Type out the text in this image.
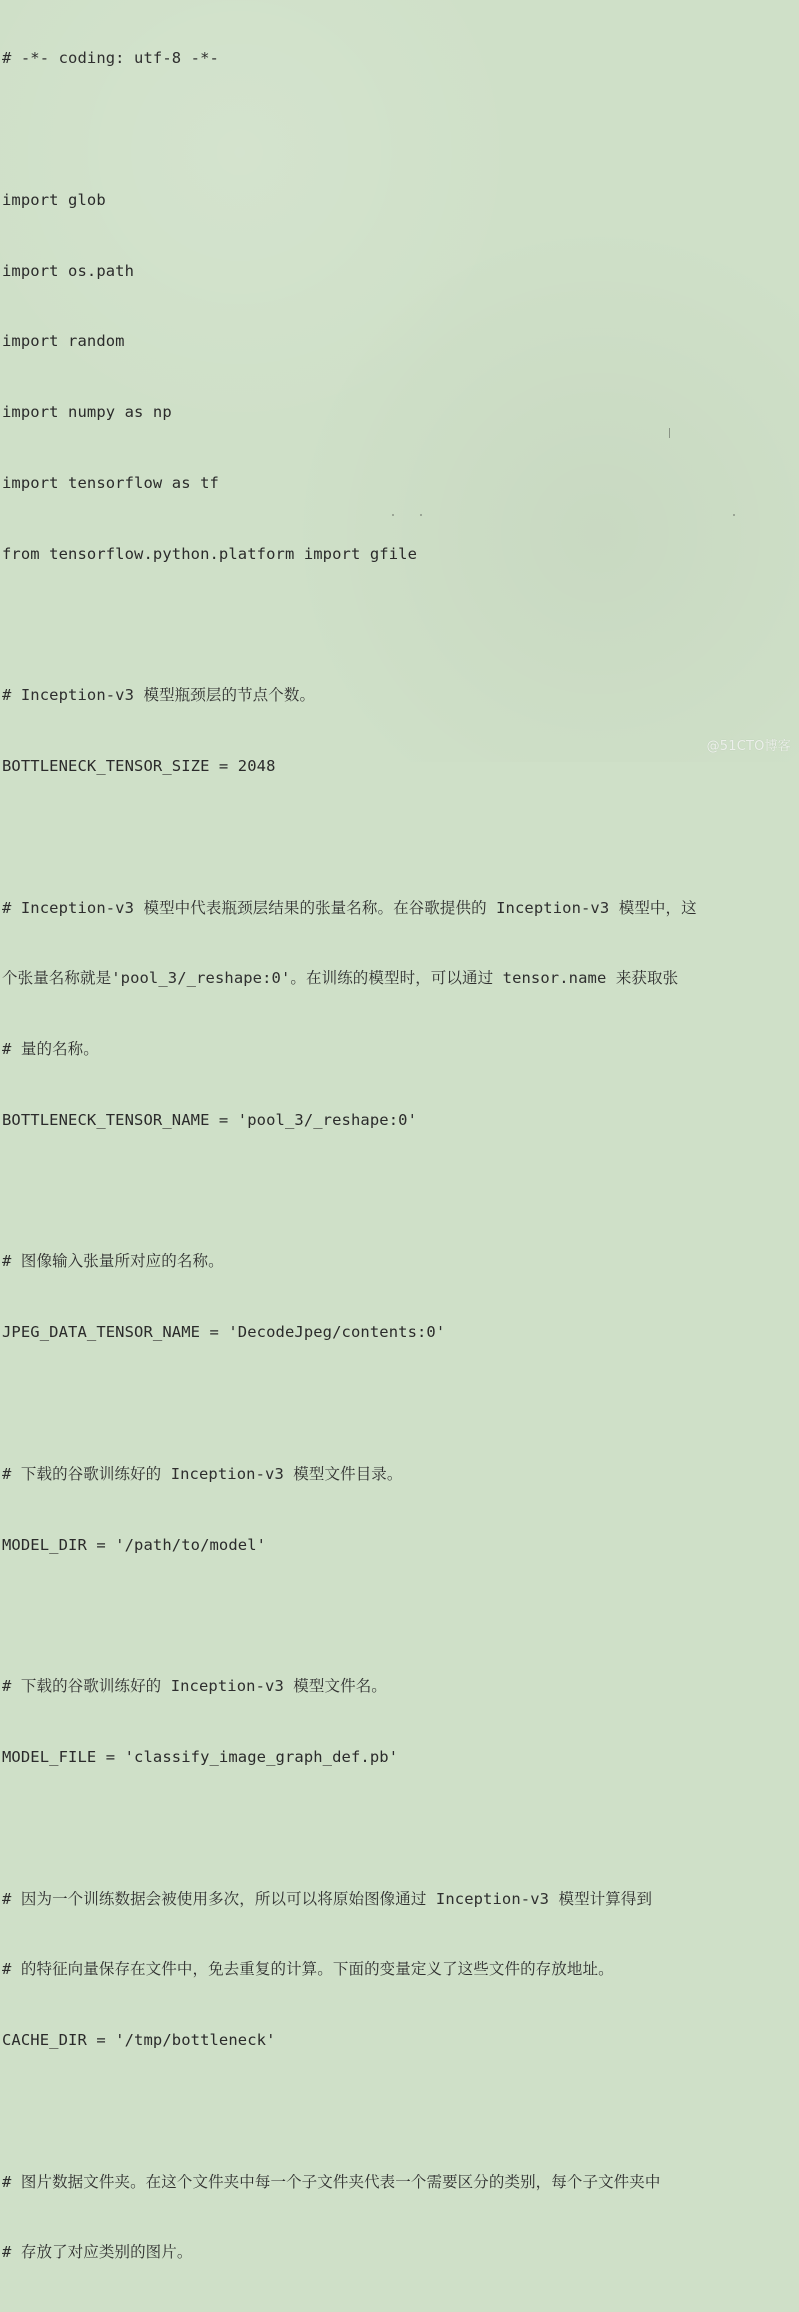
# -*- coding: utf-8 -*-

import glob

import os.path

import random

import numpy as np

import tensorflow as tf

from tensorflow.python.platform import gfile

# Inception-v3 模型瓶颈层的节点个数。

BOTTLENECK_TENSOR_SIZE = 2048

# Inception-v3 模型中代表瓶颈层结果的张量名称。在谷歌提供的 Inception-v3 模型中，这

个张量名称就是'pool_3/_reshape:0'。在训练的模型时，可以通过 tensor.name 来获取张

# 量的名称。

BOTTLENECK_TENSOR_NAME = 'pool_3/_reshape:0'

# 图像输入张量所对应的名称。

JPEG_DATA_TENSOR_NAME = 'DecodeJpeg/contents:0'

# 下载的谷歌训练好的 Inception-v3 模型文件目录。

MODEL_DIR = '/path/to/model'

# 下载的谷歌训练好的 Inception-v3 模型文件名。

MODEL_FILE = 'classify_image_graph_def.pb'

# 因为一个训练数据会被使用多次，所以可以将原始图像通过 Inception-v3 模型计算得到

# 的特征向量保存在文件中，免去重复的计算。下面的变量定义了这些文件的存放地址。

CACHE_DIR = '/tmp/bottleneck'

# 图片数据文件夹。在这个文件夹中每一个子文件夹代表一个需要区分的类别，每个子文件夹中

# 存放了对应类别的图片。

@51CTO博客
